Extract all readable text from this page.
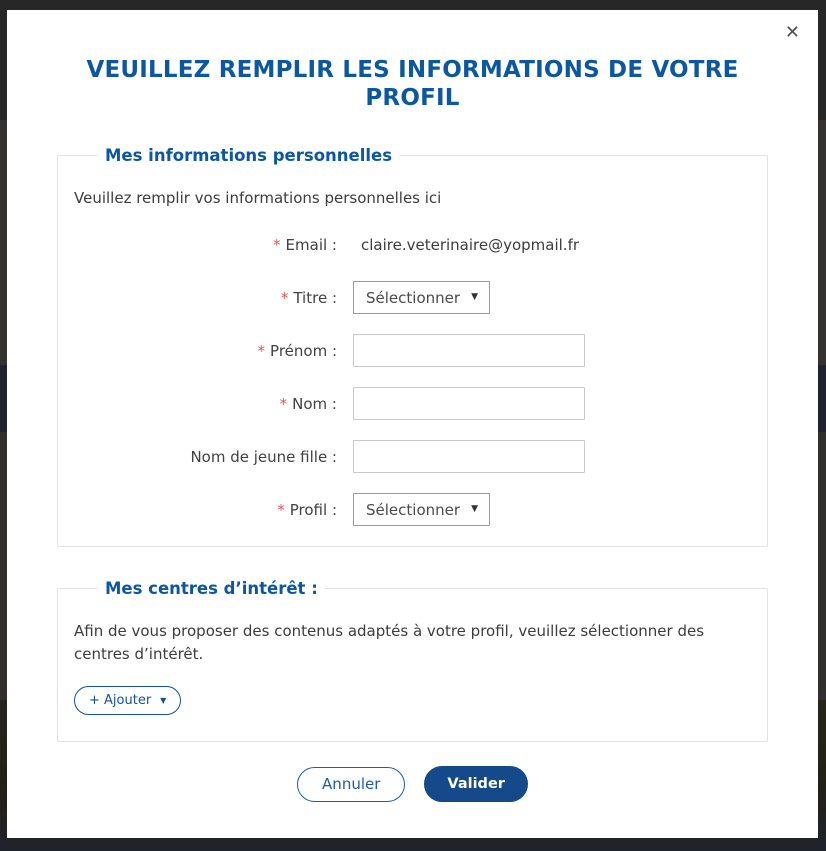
✕
VEUILLEZ REMPLIR LES INFORMATIONS DE VOTRE PROFIL
Mes informations personnelles

Veuillez remplir vos informations personnelles ici

* Email :	claire.veterinaire@yopmail.fr
* Titre : Sélectionner ▼
* Prénom :
* Nom :
Nom de jeune fille :
* Profil : Sélectionner ▼
Mes centres d’intérêt :

Afin de vous proposer des contenus adaptés à votre profil, veuillez sélectionner des centres d’intérêt.

+ Ajouter ▼
Annuler	Valider
